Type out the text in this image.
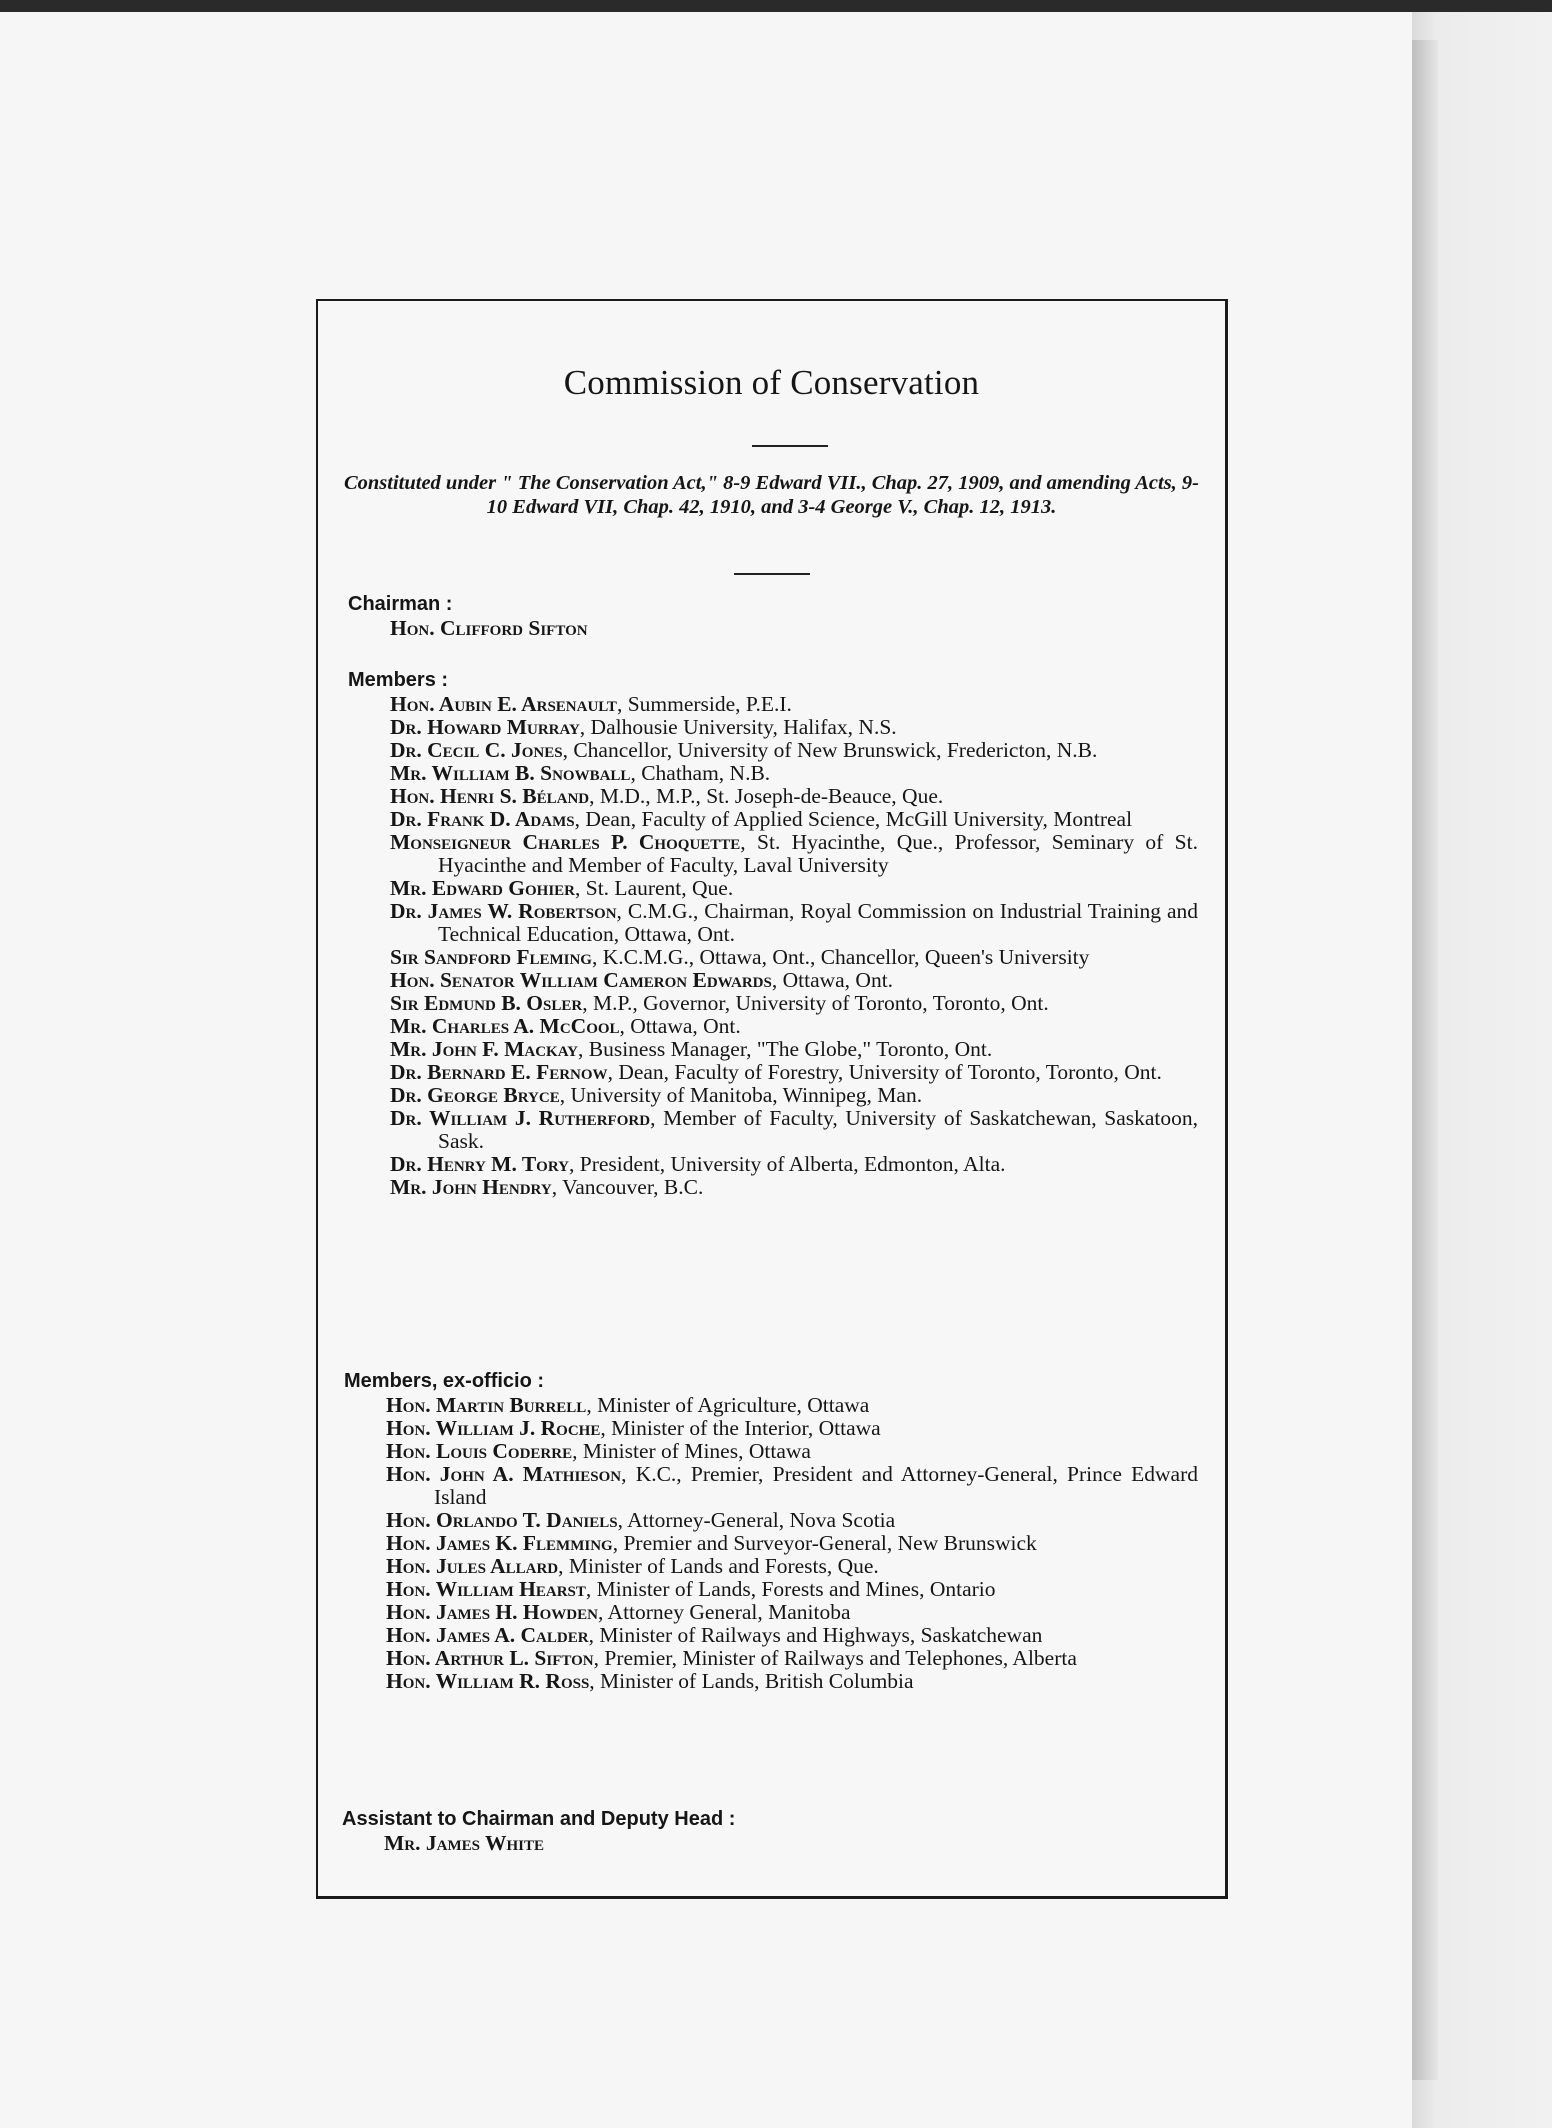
Commission of Conservation
Constituted under " The Conservation Act," 8-9 Edward VII., Chap. 27, 1909, and amending Acts, 9-10 Edward VII, Chap. 42, 1910, and 3-4 George V., Chap. 12, 1913.
Chairman :
Hon. Clifford Sifton
Members :
Hon. Aubin E. Arsenault, Summerside, P.E.I.
Dr. Howard Murray, Dalhousie University, Halifax, N.S.
Dr. Cecil C. Jones, Chancellor, University of New Brunswick, Fredericton, N.B.
Mr. William B. Snowball, Chatham, N.B.
Hon. Henri S. Béland, M.D., M.P., St. Joseph-de-Beauce, Que.
Dr. Frank D. Adams, Dean, Faculty of Applied Science, McGill University, Montreal
Monseigneur Charles P. Choquette, St. Hyacinthe, Que., Professor, Seminary of St. Hyacinthe and Member of Faculty, Laval University
Mr. Edward Gohier, St. Laurent, Que.
Dr. James W. Robertson, C.M.G., Chairman, Royal Commission on Industrial Training and Technical Education, Ottawa, Ont.
Sir Sandford Fleming, K.C.M.G., Ottawa, Ont., Chancellor, Queen's University
Hon. Senator William Cameron Edwards, Ottawa, Ont.
Sir Edmund B. Osler, M.P., Governor, University of Toronto, Toronto, Ont.
Mr. Charles A. McCool, Ottawa, Ont.
Mr. John F. Mackay, Business Manager, "The Globe," Toronto, Ont.
Dr. Bernard E. Fernow, Dean, Faculty of Forestry, University of Toronto, Toronto, Ont.
Dr. George Bryce, University of Manitoba, Winnipeg, Man.
Dr. William J. Rutherford, Member of Faculty, University of Saskatchewan, Saskatoon, Sask.
Dr. Henry M. Tory, President, University of Alberta, Edmonton, Alta.
Mr. John Hendry, Vancouver, B.C.
Members, ex-officio :
Hon. Martin Burrell, Minister of Agriculture, Ottawa
Hon. William J. Roche, Minister of the Interior, Ottawa
Hon. Louis Coderre, Minister of Mines, Ottawa
Hon. John A. Mathieson, K.C., Premier, President and Attorney-General, Prince Edward Island
Hon. Orlando T. Daniels, Attorney-General, Nova Scotia
Hon. James K. Flemming, Premier and Surveyor-General, New Brunswick
Hon. Jules Allard, Minister of Lands and Forests, Que.
Hon. William Hearst, Minister of Lands, Forests and Mines, Ontario
Hon. James H. Howden, Attorney General, Manitoba
Hon. James A. Calder, Minister of Railways and Highways, Saskatchewan
Hon. Arthur L. Sifton, Premier, Minister of Railways and Telephones, Alberta
Hon. William R. Ross, Minister of Lands, British Columbia
Assistant to Chairman and Deputy Head :
Mr. James White
